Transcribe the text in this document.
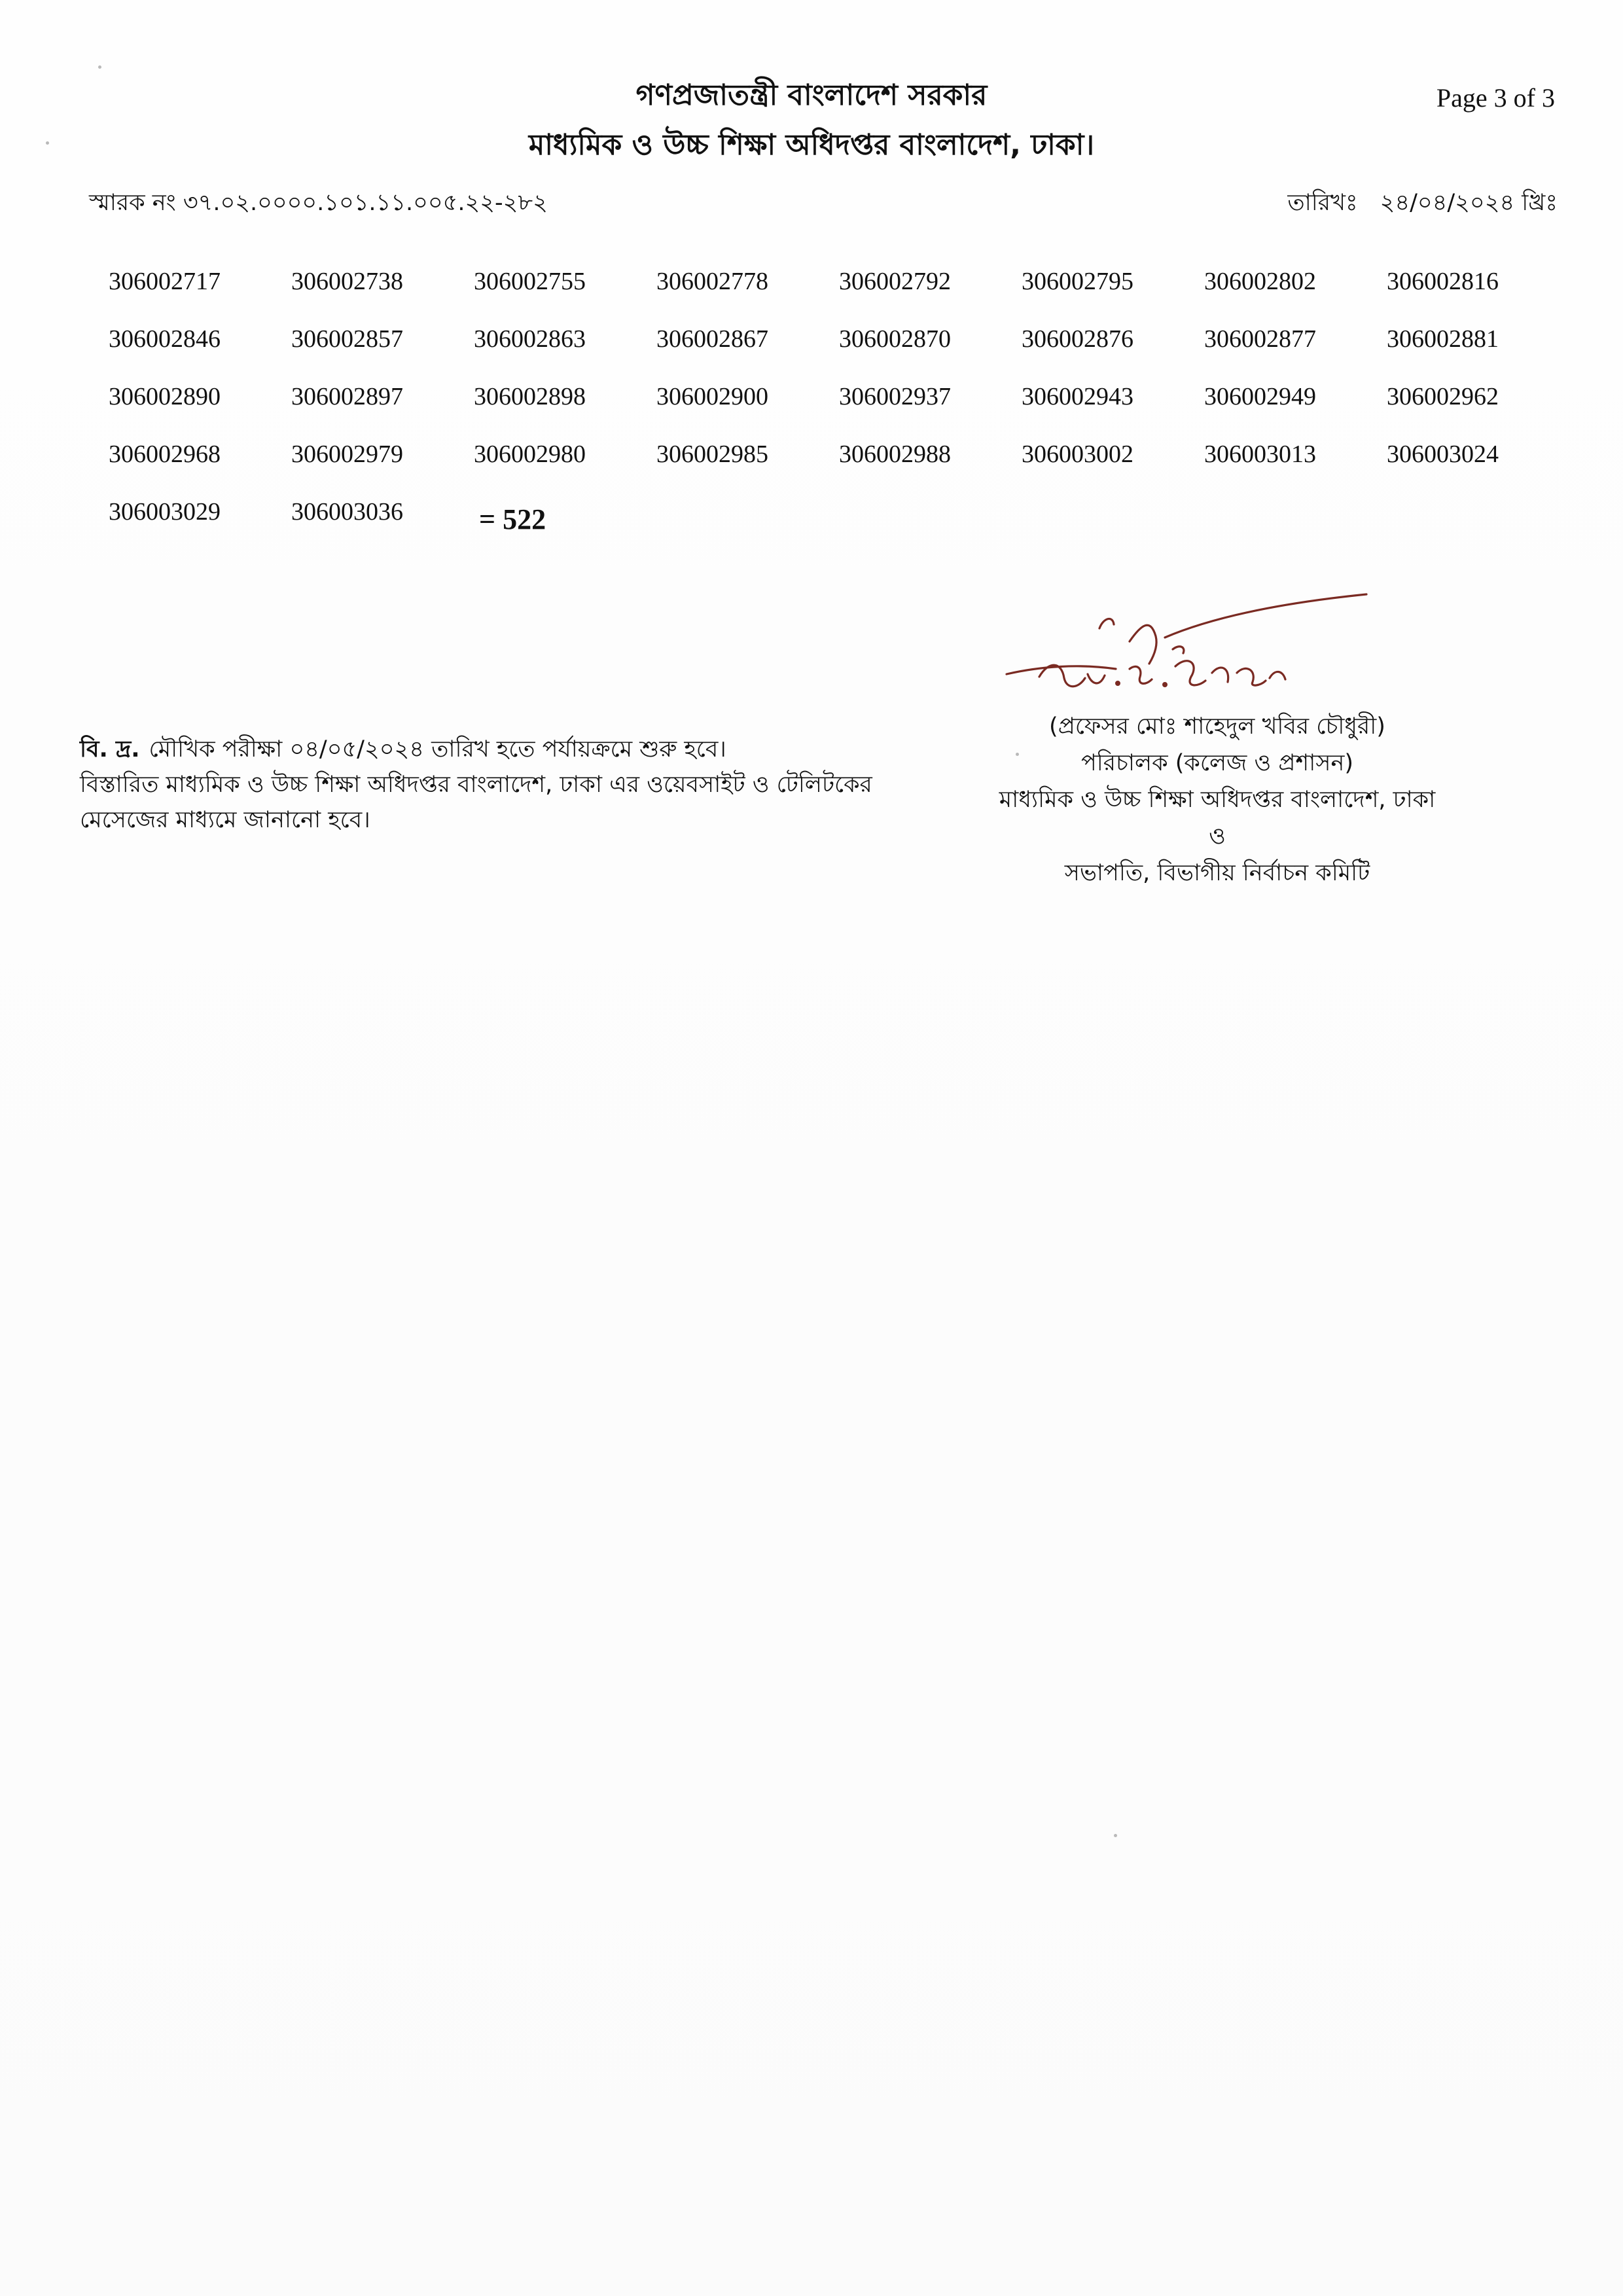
গণপ্রজাতন্ত্রী বাংলাদেশ সরকার
মাধ্যমিক ও উচ্চ শিক্ষা অধিদপ্তর বাংলাদেশ, ঢাকা।
Page 3 of 3
স্মারক নং ৩৭.০২.০০০০.১০১.১১.০০৫.২২-২৮২	তারিখঃ ২৪/০৪/২০২৪ খ্রিঃ
306002717	306002738	306002755	306002778	306002792	306002795	306002802	306002816
306002846	306002857	306002863	306002867	306002870	306002876	306002877	306002881
306002890	306002897	306002898	306002900	306002937	306002943	306002949	306002962
306002968	306002979	306002980	306002985	306002988	306003002	306003013	306003024
306003029	306003036	= 522
(প্রফেসর মোঃ শাহেদুল খবির চৌধুরী)
পরিচালক (কলেজ ও প্রশাসন)
মাধ্যমিক ও উচ্চ শিক্ষা অধিদপ্তর বাংলাদেশ, ঢাকা
ও
সভাপতি, বিভাগীয় নির্বাচন কমিটি
বি. দ্র. মৌখিক পরীক্ষা ০৪/০৫/২০২৪ তারিখ হতে পর্যায়ক্রমে শুরু হবে।
বিস্তারিত মাধ্যমিক ও উচ্চ শিক্ষা অধিদপ্তর বাংলাদেশ, ঢাকা এর ওয়েবসাইট ও টেলিটকের
মেসেজের মাধ্যমে জানানো হবে।
